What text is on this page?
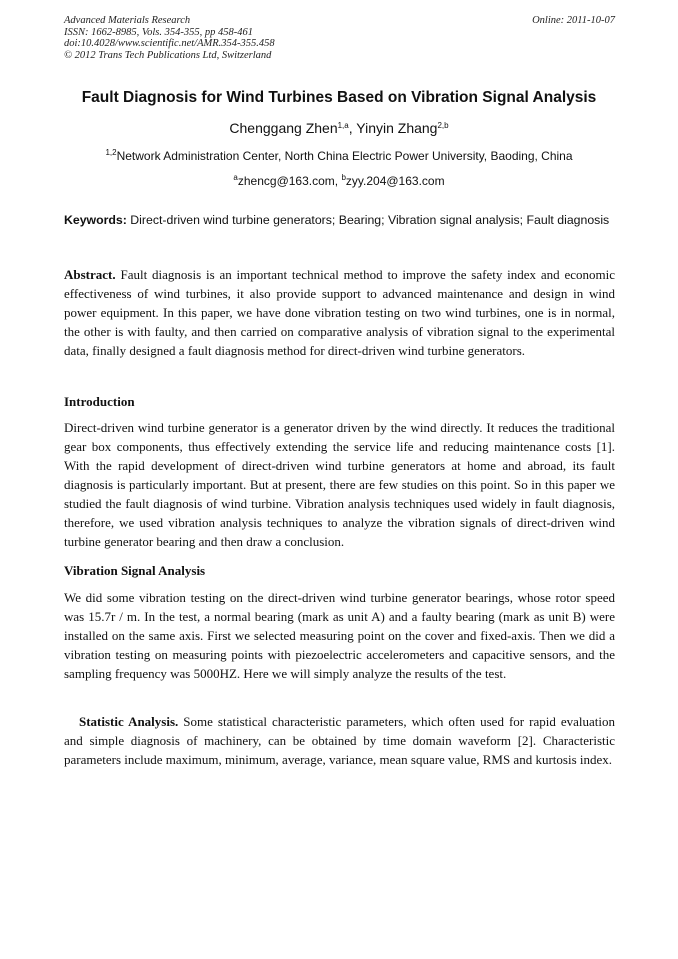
Advanced Materials Research
ISSN: 1662-8985, Vols. 354-355, pp 458-461
doi:10.4028/www.scientific.net/AMR.354-355.458
© 2012 Trans Tech Publications Ltd, Switzerland
Online: 2011-10-07
Fault Diagnosis for Wind Turbines Based on Vibration Signal Analysis
Chenggang Zhen$^{1,a}$, Yinyin Zhang$^{2,b}$
$^{1,2}$Network Administration Center, North China Electric Power University, Baoding, China
$^a$zhencg@163.com, $^b$zyy.204@163.com
Keywords: Direct-driven wind turbine generators; Bearing; Vibration signal analysis; Fault diagnosis
Abstract. Fault diagnosis is an important technical method to improve the safety index and economic effectiveness of wind turbines, it also provide support to advanced maintenance and design in wind power equipment. In this paper, we have done vibration testing on two wind turbines, one is in normal, the other is with faulty, and then carried on comparative analysis of vibration signal to the experimental data, finally designed a fault diagnosis method for direct-driven wind turbine generators.
Introduction
Direct-driven wind turbine generator is a generator driven by the wind directly. It reduces the traditional gear box components, thus effectively extending the service life and reducing maintenance costs [1]. With the rapid development of direct-driven wind turbine generators at home and abroad, its fault diagnosis is particularly important. But at present, there are few studies on this point. So in this paper we studied the fault diagnosis of wind turbine. Vibration analysis techniques used widely in fault diagnosis, therefore, we used vibration analysis techniques to analyze the vibration signals of direct-driven wind turbine generator bearing and then draw a conclusion.
Vibration Signal Analysis
We did some vibration testing on the direct-driven wind turbine generator bearings, whose rotor speed was 15.7r / m. In the test, a normal bearing (mark as unit A) and a faulty bearing (mark as unit B) were installed on the same axis. First we selected measuring point on the cover and fixed-axis. Then we did a vibration testing on measuring points with piezoelectric accelerometers and capacitive sensors, and the sampling frequency was 5000HZ. Here we will simply analyze the results of the test.
Statistic Analysis. Some statistical characteristic parameters, which often used for rapid evaluation and simple diagnosis of machinery, can be obtained by time domain waveform [2]. Characteristic parameters include maximum, minimum, average, variance, mean square value, RMS and kurtosis index.
